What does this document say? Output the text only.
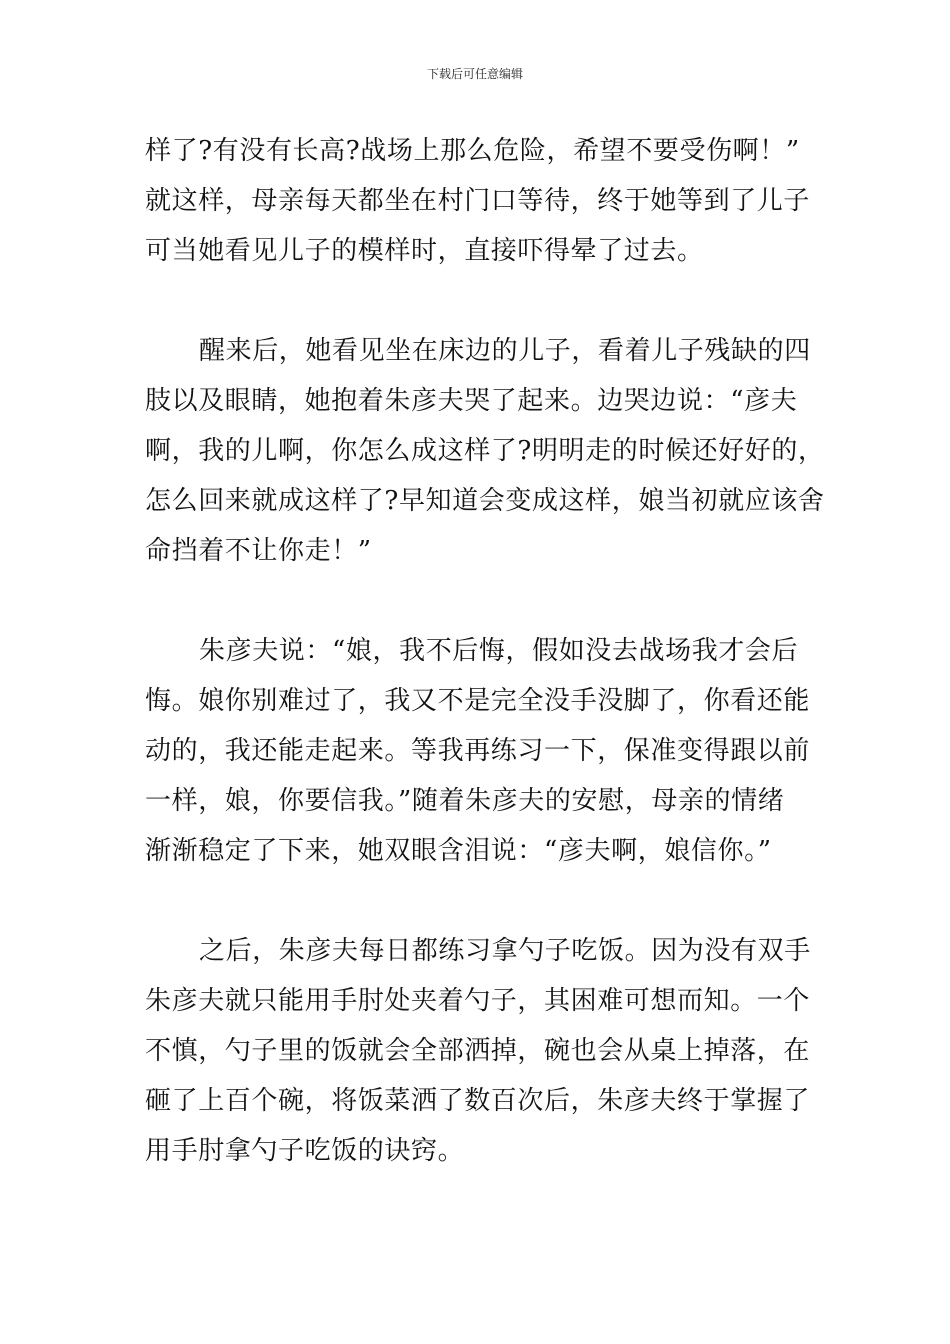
下载后可任意编辑
样了?有没有长高?战场上那么危险，希望不要受伤啊！”
就这样，母亲每天都坐在村门口等待，终于她等到了儿子
可当她看见儿子的模样时，直接吓得晕了过去。
醒来后，她看见坐在床边的儿子，看着儿子残缺的四
肢以及眼睛，她抱着朱彦夫哭了起来。边哭边说：“彦夫
啊，我的儿啊，你怎么成这样了?明明走的时候还好好的，
怎么回来就成这样了?早知道会变成这样，娘当初就应该舍
命挡着不让你走！”
朱彦夫说：“娘，我不后悔，假如没去战场我才会后
悔。娘你别难过了，我又不是完全没手没脚了，你看还能
动的，我还能走起来。等我再练习一下，保准变得跟以前
一样，娘，你要信我。”随着朱彦夫的安慰，母亲的情绪
渐渐稳定了下来，她双眼含泪说：“彦夫啊，娘信你。”
之后，朱彦夫每日都练习拿勺子吃饭。因为没有双手
朱彦夫就只能用手肘处夹着勺子，其困难可想而知。一个
不慎，勺子里的饭就会全部洒掉，碗也会从桌上掉落，在
砸了上百个碗，将饭菜洒了数百次后，朱彦夫终于掌握了
用手肘拿勺子吃饭的诀窍。
